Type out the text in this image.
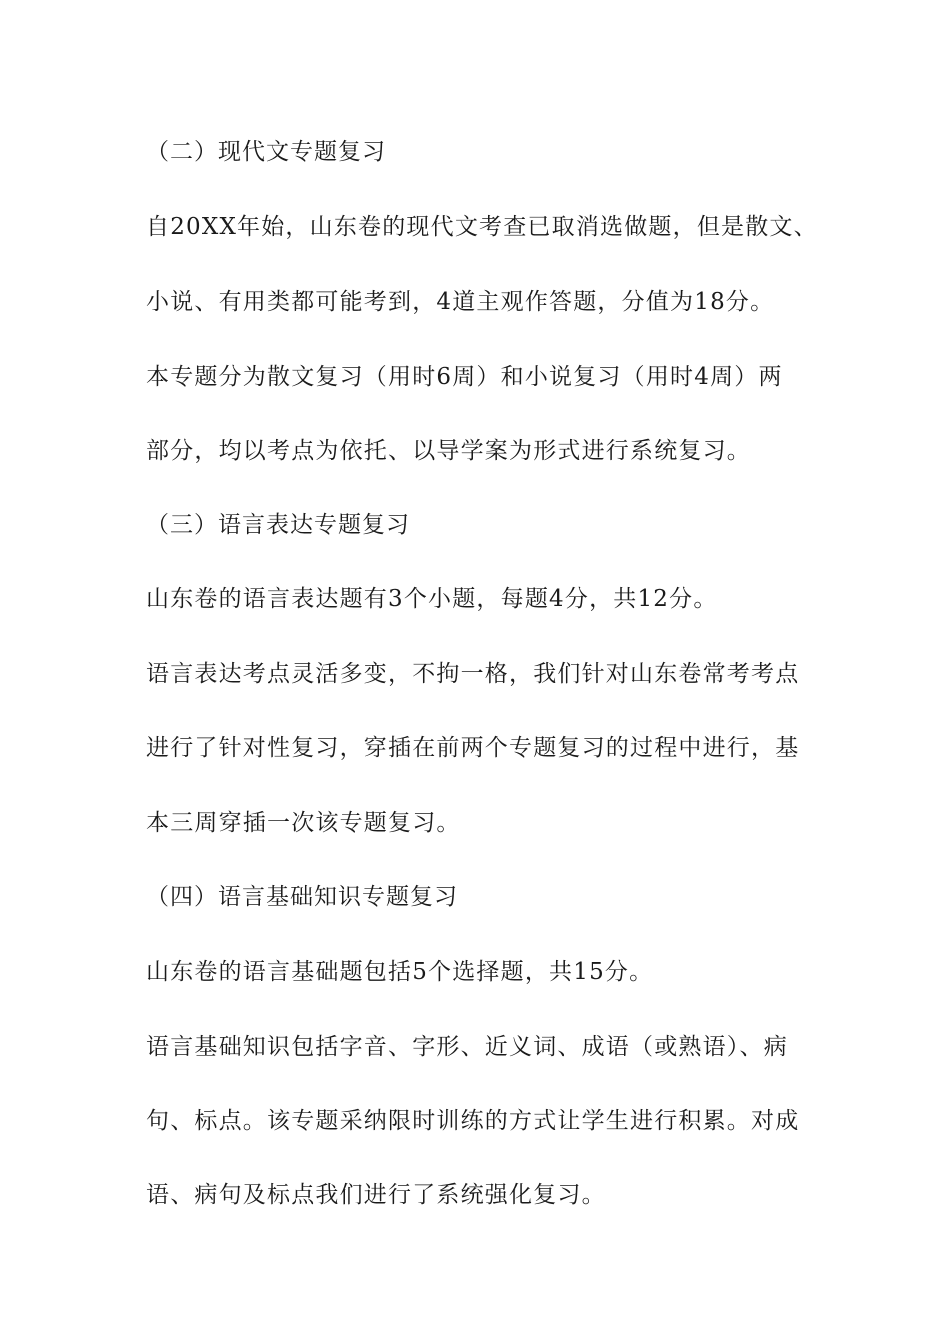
（二）现代文专题复习
自20XX年始，山东卷的现代文考查已取消选做题，但是散文、
小说、有用类都可能考到，4道主观作答题，分值为18分。
本专题分为散文复习（用时6周）和小说复习（用时4周）两
部分，均以考点为依托、以导学案为形式进行系统复习。
（三）语言表达专题复习
山东卷的语言表达题有3个小题，每题4分，共12分。
语言表达考点灵活多变，不拘一格，我们针对山东卷常考考点
进行了针对性复习，穿插在前两个专题复习的过程中进行，基
本三周穿插一次该专题复习。
（四）语言基础知识专题复习
山东卷的语言基础题包括5个选择题，共15分。
语言基础知识包括字音、字形、近义词、成语（或熟语）、病
句、标点。该专题采纳限时训练的方式让学生进行积累。对成
语、病句及标点我们进行了系统强化复习。
